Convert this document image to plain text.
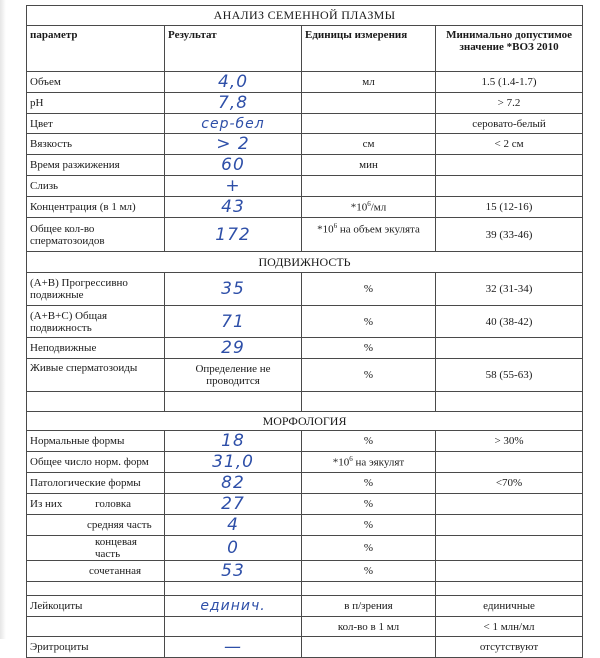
АНАЛИЗ СЕМЕННОЙ ПЛАЗМЫ			
параметр	Результат	Единицы измерения	Минимально допустимое значение *ВОЗ 2010
Объем	4,0	мл	1.5 (1.4-1.7)
pH	7,8		> 7.2
Цвет	сер-бел		серовато-белый
Вязкость	> 2	см	< 2 см
Время разжижения	60	мин	
Слизь	+		
Концентрация (в 1 мл)	43	$*10^6/мл$	15 (12-16)
Общее кол-во сперматозоидов	172	$*10^6$ на объем экулята	39 (33-46)
ПОДВИЖНОСТЬ			
(А+В) Прогрессивно подвижные	35	%	32 (31-34)
(А+В+С) Общая подвижность	71	%	40 (38-42)
Неподвижные	29	%	
Живые сперматозоиды	Определение не проводится	%	58 (55-63)

МОРФОЛОГИЯ			
Нормальные формы	18	%	> 30%
Общее число норм. форм	31,0	$*10^6$ на эякулят	
Патологические формы	82	%	<70%

Из них головка	27	%	
средняя часть	4	%	
концевая часть	0	%	
сочетанная	53	%	

Лейкоциты	единич.	в п/зрения	единичные
		кол-во в 1 мл	< 1 млн/мл
Эритроциты	—		отсутствуют
